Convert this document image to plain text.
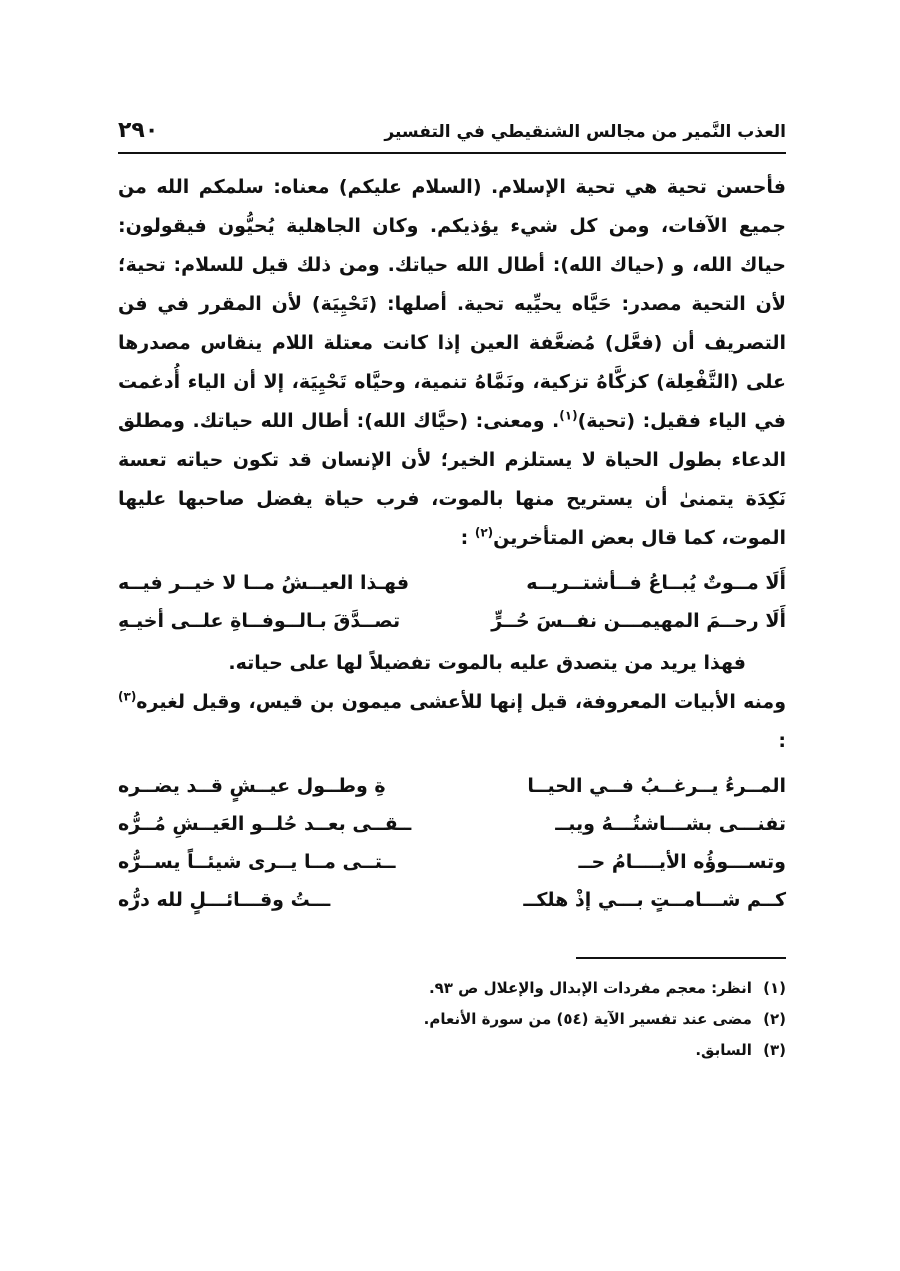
العذب النَّمير من مجالس الشنقيطي في التفسير
٢٩٠

فأحسن تحية هي تحية الإسلام. (السلام عليكم) معناه: سلمكم الله من جميع الآفات، ومن كل شيء يؤذيكم. وكان الجاهلية يُحيُّون فيقولون: حياك الله، و (حياك الله): أطال الله حياتك. ومن ذلك قيل للسلام: تحية؛ لأن التحية مصدر: حَيَّاه يحيِّيه تحية. أصلها: (تَحْيِيَة) لأن المقرر في فن التصريف أن (فعَّل) مُضعَّفة العين إذا كانت معتلة اللام ينقاس مصدرها على (التَّفْعِلة) كزكَّاهُ تزكية، ونَمَّاهُ تنمية، وحيَّاه تَحْيِيَة، إلا أن الياء أُدغمت في الياء فقيل: (تحية)$^{(١)}$. ومعنى: (حيَّاك الله): أطال الله حياتك. ومطلق الدعاء بطول الحياة لا يستلزم الخير؛ لأن الإنسان قد تكون حياته تعسة نَكِدَة يتمنىٰ أن يستريح منها بالموت، فرب حياة يفضل صاحبها عليها الموت، كما قال بعض المتأخرين$^{(٢)}$ :

أَلَا مــوتٌ يُبــاعُ فــأشتــريــه
فهـذا العيــشُ مــا لا خيــر فيــه
أَلَا رحــمَ المهيمـــن نفــسَ حُــرٍّ
تصــدَّقَ بـالــوفــاةِ علــى أخيـهِ

فهذا يريد من يتصدق عليه بالموت تفضيلاً لها على حياته.

ومنه الأبيات المعروفة، قيل إنها للأعشى ميمون بن قيس، وقيل لغيره$^{(٣)}$ :

المــرءُ يــرغــبُ فــي الحيــا
ةِ وطــول عيــشٍ قــد يضــره
تفنـــى بشـــاشتُـــهُ ويبــ
ــقــى بعــد حُلــو العَيــشِ مُــرُّه
وتســـوؤُه الأيــــامُ حــ
ــتــى مــا يــرى شيئــاً يســرُّه
كــم شـــامــتٍ بـــي إذْ هلكــ
ـــتُ وقـــائـــلٍ لله درُّه
(١) انظر: معجم مفردات الإبدال والإعلال ص ٩٣.
(٢) مضى عند تفسير الآية (٥٤) من سورة الأنعام.
(٣) السابق.
